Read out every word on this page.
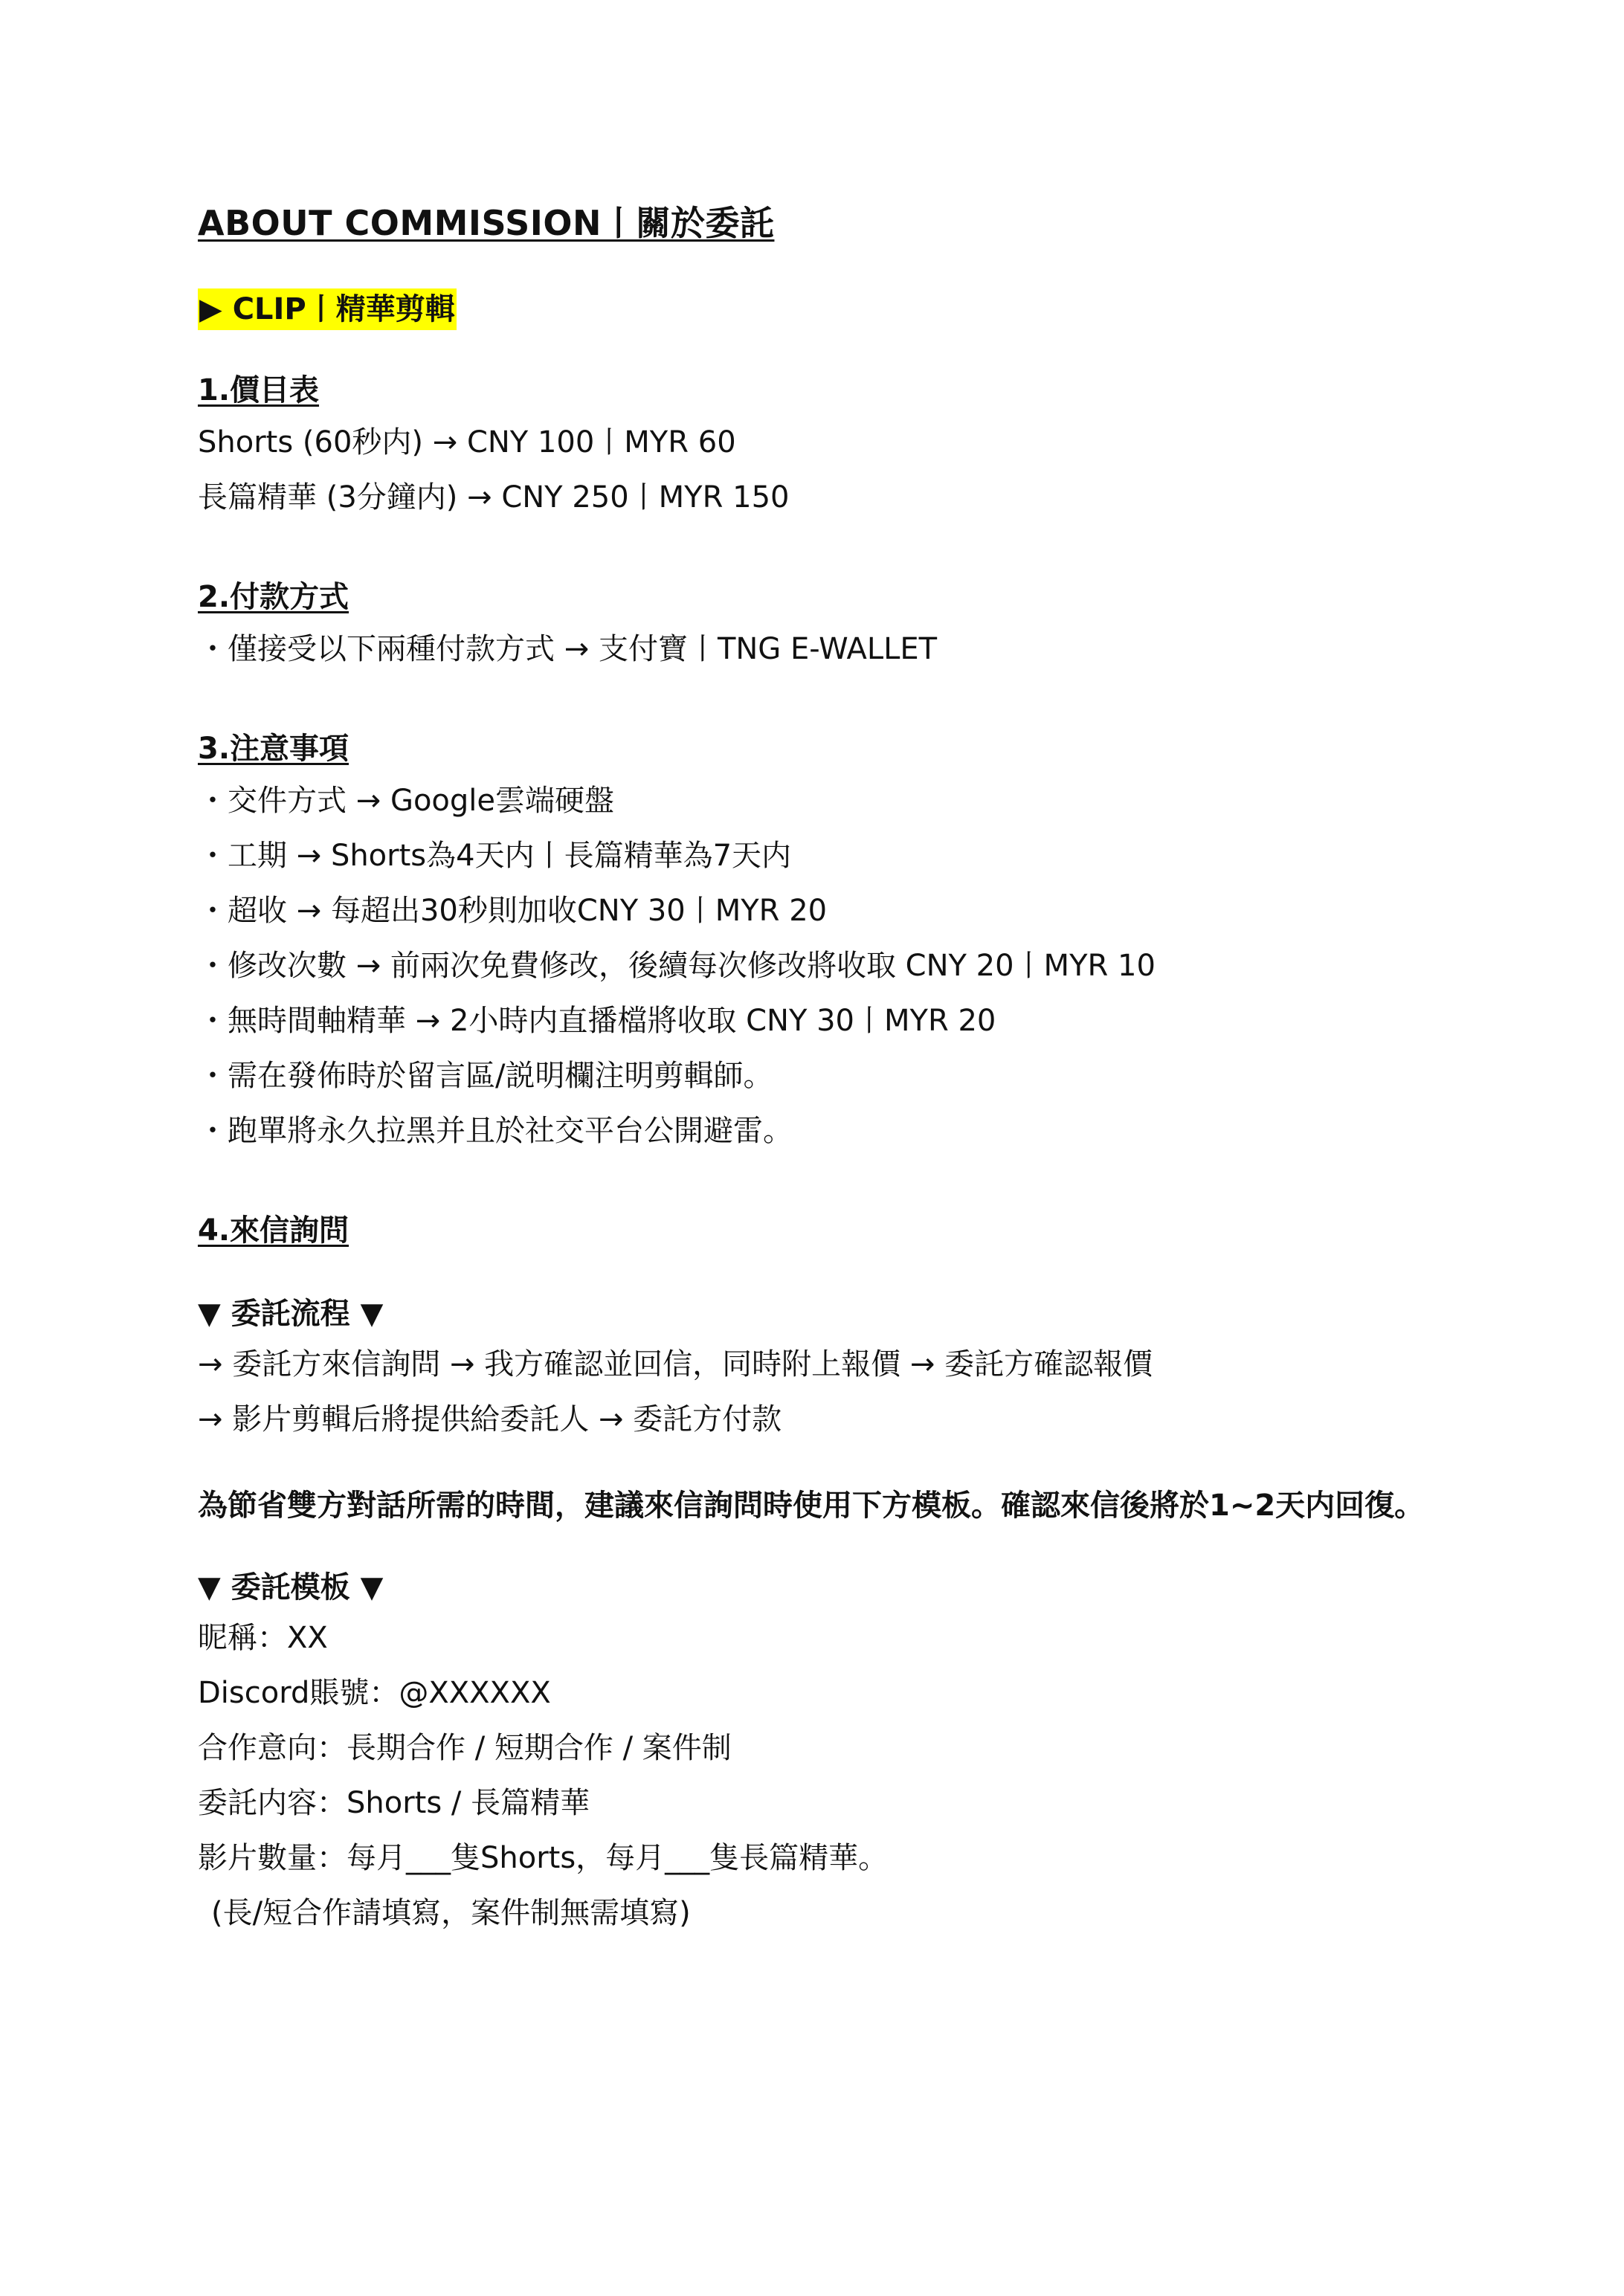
ABOUT COMMISSION丨關於委託
▶ CLIP丨精華剪輯

1.價目表

Shorts (60秒内) → CNY 100丨MYR 60

長篇精華 (3分鐘内) → CNY 250丨MYR 150

2.付款方式

・僅接受以下兩種付款方式 → 支付寶丨TNG E-WALLET

3.注意事項

・交件方式 → Google雲端硬盤

・工期 → Shorts為4天内丨長篇精華為7天内

・超收 → 每超出30秒則加收CNY 30丨MYR 20

・修改次數 → 前兩次免費修改，後續每次修改將收取 CNY 20丨MYR 10

・無時間軸精華 → 2小時内直播檔將收取 CNY 30丨MYR 20

・需在發佈時於留言區/説明欄注明剪輯師。

・跑單將永久拉黑并且於社交平台公開避雷。

4.來信詢問

▼ 委託流程 ▼

→ 委託方來信詢問 → 我方確認並回信，同時附上報價 → 委託方確認報價

→ 影片剪輯后將提供給委託人 → 委託方付款

為節省雙方對話所需的時間，建議來信詢問時使用下方模板。確認來信後將於1~2天内回復。

▼ 委託模板 ▼

昵稱：XX

Discord賬號：@XXXXXX

合作意向：長期合作 / 短期合作 / 案件制

委託内容：Shorts / 長篇精華

影片數量：每月___隻Shorts，每月___隻長篇精華。

(長/短合作請填寫，案件制無需填寫)
